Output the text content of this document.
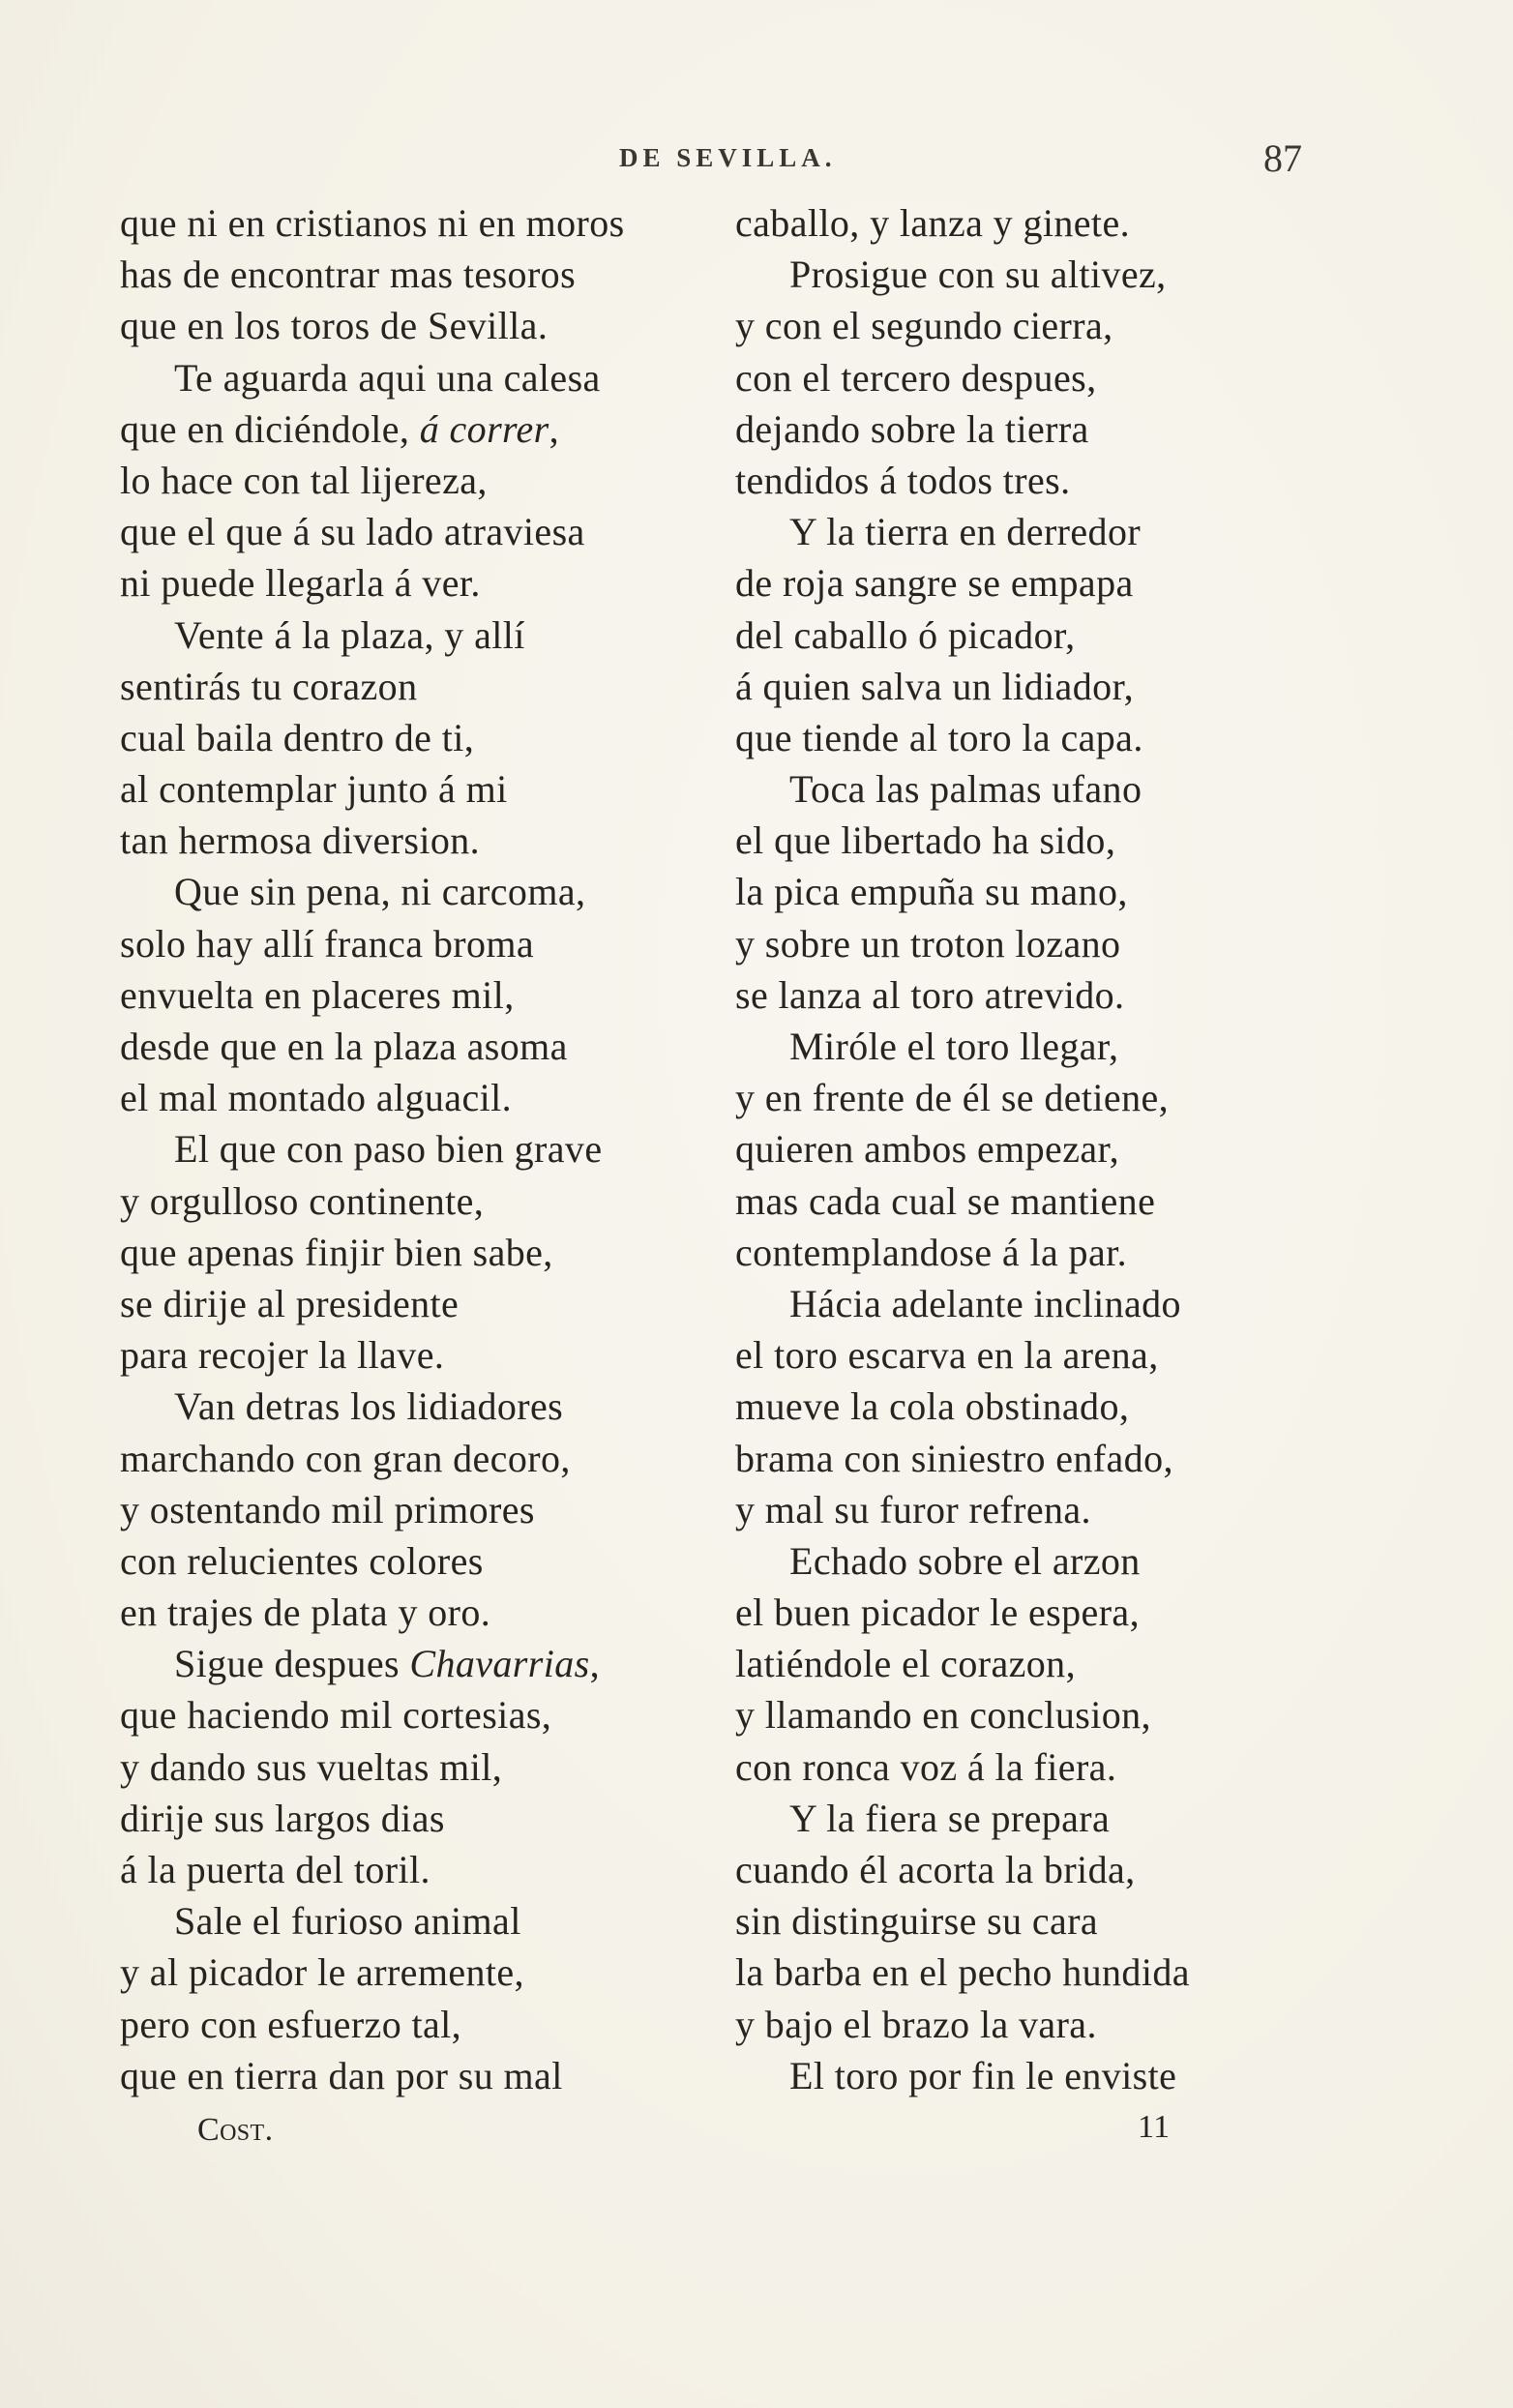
DE SEVILLA.	87
que ni en cristianos ni en moros
has de encontrar mas tesoros
que en los toros de Sevilla.
Te aguarda aqui una calesa
que en diciéndole, á correr,
lo hace con tal lijereza,
que el que á su lado atraviesa
ni puede llegarla á ver.
Vente á la plaza, y allí
sentirás tu corazon
cual baila dentro de ti,
al contemplar junto á mi
tan hermosa diversion.
Que sin pena, ni carcoma,
solo hay allí franca broma
envuelta en placeres mil,
desde que en la plaza asoma
el mal montado alguacil.
El que con paso bien grave
y orgulloso continente,
que apenas finjir bien sabe,
se dirije al presidente
para recojer la llave.
Van detras los lidiadores
marchando con gran decoro,
y ostentando mil primores
con relucientes colores
en trajes de plata y oro.
Sigue despues Chavarrias,
que haciendo mil cortesias,
y dando sus vueltas mil,
dirije sus largos dias
á la puerta del toril.
Sale el furioso animal
y al picador le arremente,
pero con esfuerzo tal,
que en tierra dan por su mal
caballo, y lanza y ginete.
Prosigue con su altivez,
y con el segundo cierra,
con el tercero despues,
dejando sobre la tierra
tendidos á todos tres.
Y la tierra en derredor
de roja sangre se empapa
del caballo ó picador,
á quien salva un lidiador,
que tiende al toro la capa.
Toca las palmas ufano
el que libertado ha sido,
la pica empuña su mano,
y sobre un troton lozano
se lanza al toro atrevido.
Miróle el toro llegar,
y en frente de él se detiene,
quieren ambos empezar,
mas cada cual se mantiene
contemplandose á la par.
Hácia adelante inclinado
el toro escarva en la arena,
mueve la cola obstinado,
brama con siniestro enfado,
y mal su furor refrena.
Echado sobre el arzon
el buen picador le espera,
latiéndole el corazon,
y llamando en conclusion,
con ronca voz á la fiera.
Y la fiera se prepara
cuando él acorta la brida,
sin distinguirse su cara
la barba en el pecho hundida
y bajo el brazo la vara.
El toro por fin le enviste
Cost.	11
